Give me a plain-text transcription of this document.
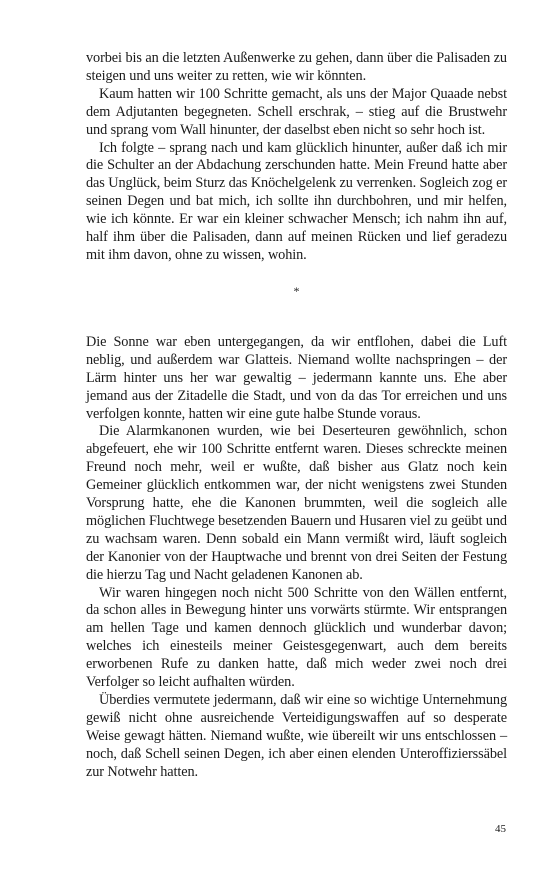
vorbei bis an die letzten Außenwerke zu gehen, dann über die Palisaden zu steigen und uns weiter zu retten, wie wir könnten.

Kaum hatten wir 100 Schritte gemacht, als uns der Major Quaade nebst dem Adjutanten begegneten. Schell erschrak, – stieg auf die Brustwehr und sprang vom Wall hinunter, der daselbst eben nicht so sehr hoch ist.

Ich folgte – sprang nach und kam glücklich hinunter, außer daß ich mir die Schulter an der Abdachung zerschunden hatte. Mein Freund hatte aber das Unglück, beim Sturz das Knöchelgelenk zu verrenken. Sogleich zog er seinen Degen und bat mich, ich sollte ihn durchbohren, und mir helfen, wie ich könnte. Er war ein kleiner schwacher Mensch; ich nahm ihn auf, half ihm über die Palisaden, dann auf meinen Rücken und lief geradezu mit ihm davon, ohne zu wissen, wohin.

*

Die Sonne war eben untergegangen, da wir entflohen, dabei die Luft neblig, und außerdem war Glatteis. Niemand wollte nachspringen – der Lärm hinter uns her war gewaltig – jedermann kannte uns. Ehe aber jemand aus der Zitadelle die Stadt, und von da das Tor erreichen und uns verfolgen konnte, hatten wir eine gute halbe Stunde voraus.

Die Alarmkanonen wurden, wie bei Deserteuren gewöhnlich, schon abgefeuert, ehe wir 100 Schritte entfernt waren. Dieses schreckte meinen Freund noch mehr, weil er wußte, daß bisher aus Glatz noch kein Gemeiner glücklich entkommen war, der nicht wenigstens zwei Stunden Vorsprung hatte, ehe die Kanonen brummten, weil die sogleich alle möglichen Fluchtwege besetzenden Bauern und Husaren viel zu geübt und zu wachsam waren. Denn sobald ein Mann vermißt wird, läuft sogleich der Kanonier von der Hauptwache und brennt von drei Seiten der Festung die hierzu Tag und Nacht geladenen Kanonen ab.

Wir waren hingegen noch nicht 500 Schritte von den Wällen entfernt, da schon alles in Bewegung hinter uns vorwärts stürmte. Wir entsprangen am hellen Tage und kamen dennoch glücklich und wunderbar davon; welches ich einesteils meiner Geistesgegenwart, auch dem bereits erworbenen Rufe zu danken hatte, daß mich weder zwei noch drei Verfolger so leicht aufhalten würden.

Überdies vermutete jedermann, daß wir eine so wichtige Unternehmung gewiß nicht ohne ausreichende Verteidigungswaffen auf so desperate Weise gewagt hätten. Niemand wußte, wie übereilt wir uns entschlossen – noch, daß Schell seinen Degen, ich aber einen elenden Unteroffizierssäbel zur Notwehr hatten.

45
